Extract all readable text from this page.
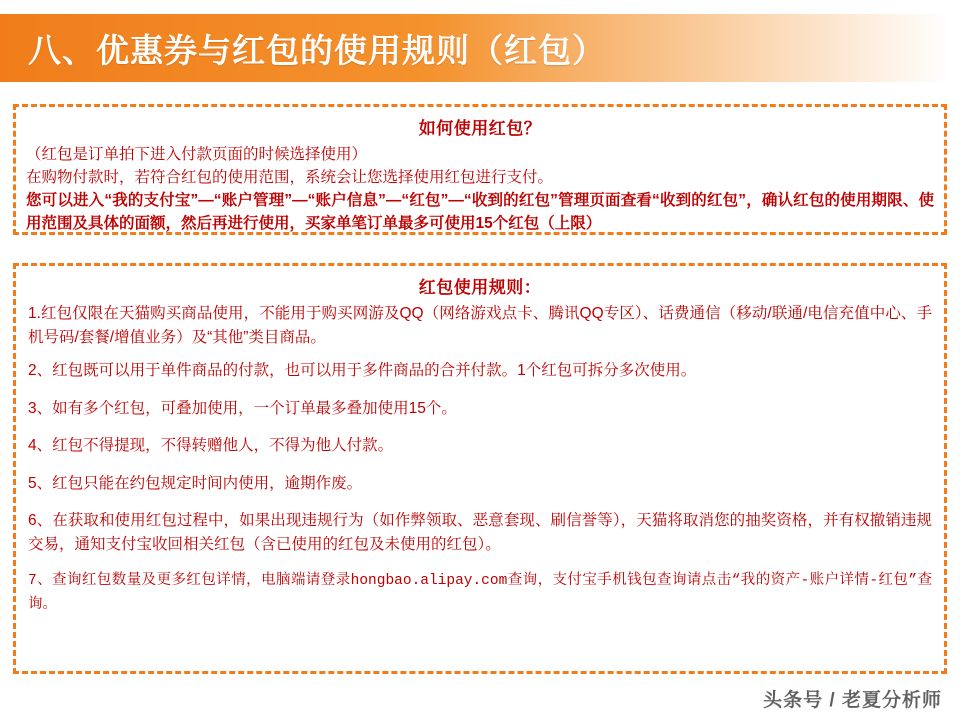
八、优惠券与红包的使用规则（红包）
如何使用红包？

（红包是订单拍下进入付款页面的时候选择使用）

在购物付款时，若符合红包的使用范围，系统会让您选择使用红包进行支付。

您可以进入“我的支付宝”—“账户管理”—“账户信息”—“红包”—“收到的红包”管理页面查看“收到的红包”，确认红包的使用期限、使用范围及具体的面额，然后再进行使用，买家单笔订单最多可使用15个红包（上限）

红包使用规则：

1.红包仅限在天猫购买商品使用，不能用于购买网游及QQ（网络游戏点卡、腾讯QQ专区）、话费通信（移动/联通/电信充值中心、手机号码/套餐/增值业务）及“其他”类目商品。

2、红包既可以用于单件商品的付款，也可以用于多件商品的合并付款。1个红包可拆分多次使用。

3、如有多个红包，可叠加使用，一个订单最多叠加使用15个。

4、红包不得提现，不得转赠他人，不得为他人付款。

5、红包只能在约包规定时间内使用，逾期作废。

6、在获取和使用红包过程中，如果出现违规行为（如作弊领取、恶意套现、刷信誉等），天猫将取消您的抽奖资格，并有权撤销违规交易，通知支付宝收回相关红包（含已使用的红包及未使用的红包）。

7、查询红包数量及更多红包详情，电脑端请登录hongbao.alipay.com查询，支付宝手机钱包查询请点击“我的资产-账户详情-红包”查询。

头条号 / 老夏分析师
